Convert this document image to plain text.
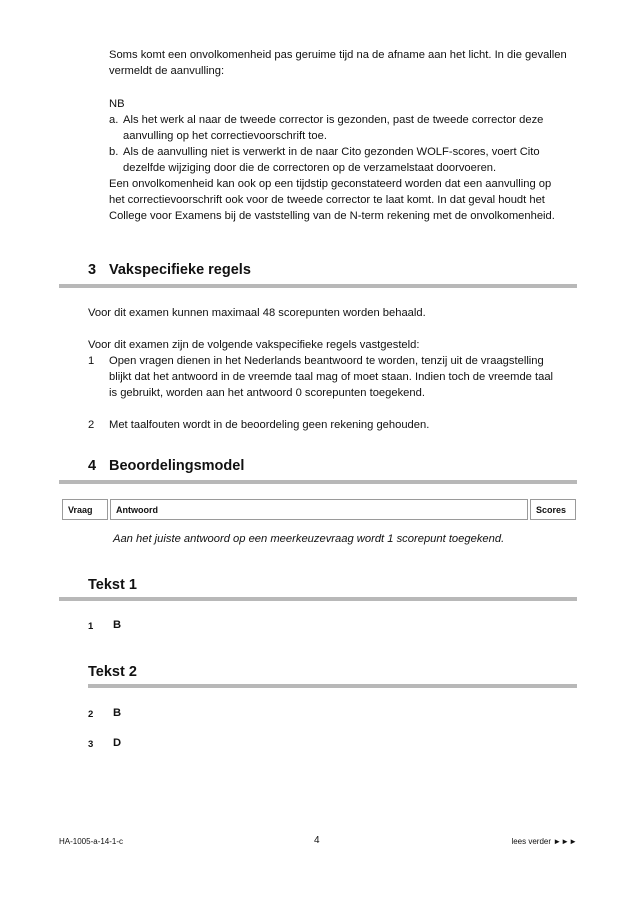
Soms komt een onvolkomenheid pas geruime tijd na de afname aan het licht. In die gevallen vermeldt de aanvulling:
NB
a. Als het werk al naar de tweede corrector is gezonden, past de tweede corrector deze aanvulling op het correctievoorschrift toe.
b. Als de aanvulling niet is verwerkt in de naar Cito gezonden WOLF-scores, voert Cito dezelfde wijziging door die de correctoren op de verzamelstaat doorvoeren.
Een onvolkomenheid kan ook op een tijdstip geconstateerd worden dat een aanvulling op het correctievoorschrift ook voor de tweede corrector te laat komt. In dat geval houdt het College voor Examens bij de vaststelling van de N-term rekening met de onvolkomenheid.
3 Vakspecifieke regels
Voor dit examen kunnen maximaal 48 scorepunten worden behaald.
Voor dit examen zijn de volgende vakspecifieke regels vastgesteld:
1	Open vragen dienen in het Nederlands beantwoord te worden, tenzij uit de vraagstelling blijkt dat het antwoord in de vreemde taal mag of moet staan. Indien toch de vreemde taal is gebruikt, worden aan het antwoord 0 scorepunten toegekend.
2	Met taalfouten wordt in de beoordeling geen rekening gehouden.
4 Beoordelingsmodel
Vraag	Antwoord	Scores
Aan het juiste antwoord op een meerkeuzevraag wordt 1 scorepunt toegekend.
Tekst 1
1 B
Tekst 2
2 B
3 D
HA-1005-a-14-1-c	4	lees verder ►►►
